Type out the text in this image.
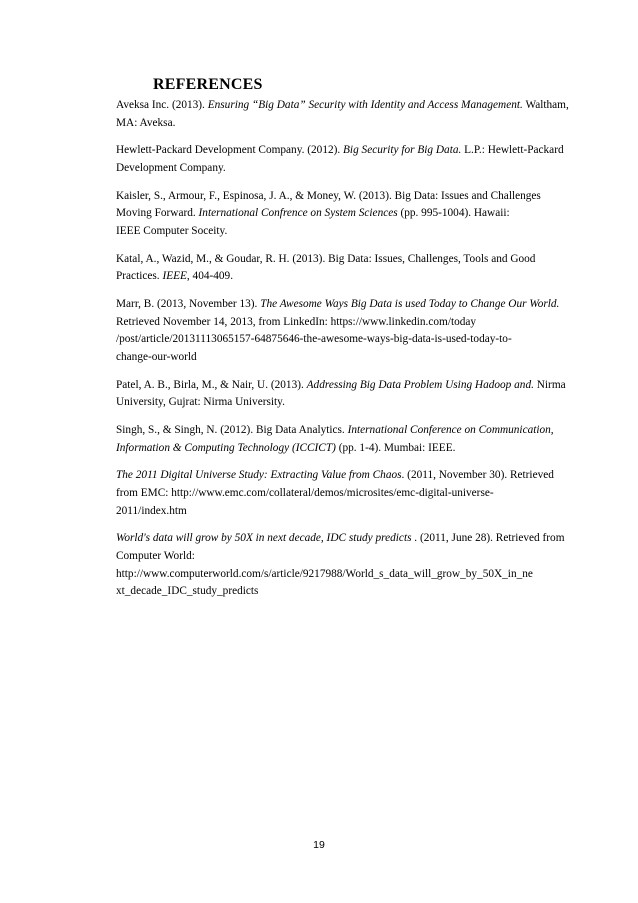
REFERENCES
Aveksa Inc. (2013). Ensuring “Big Data” Security with Identity and Access Management. Waltham,
MA: Aveksa.
Hewlett-Packard Development Company. (2012). Big Security for Big Data. L.P.: Hewlett-Packard
Development Company.
Kaisler, S., Armour, F., Espinosa, J. A., & Money, W. (2013). Big Data: Issues and Challenges
Moving Forward. International Confrence on System Sciences (pp. 995-1004). Hawaii:
IEEE Computer Soceity.
Katal, A., Wazid, M., & Goudar, R. H. (2013). Big Data: Issues, Challenges, Tools and Good
Practices. IEEE, 404-409.
Marr, B. (2013, November 13). The Awesome Ways Big Data is used Today to Change Our World.
Retrieved November 14, 2013, from LinkedIn: https://www.linkedin.com/today
/post/article/20131113065157-64875646-the-awesome-ways-big-data-is-used-today-to-
change-our-world
Patel, A. B., Birla, M., & Nair, U. (2013). Addressing Big Data Problem Using Hadoop and. Nirma
University, Gujrat: Nirma University.
Singh, S., & Singh, N. (2012). Big Data Analytics. International Conference on Communication,
Information & Computing Technology (ICCICT) (pp. 1-4). Mumbai: IEEE.
The 2011 Digital Universe Study: Extracting Value from Chaos. (2011, November 30). Retrieved
from EMC: http://www.emc.com/collateral/demos/microsites/emc-digital-universe-
2011/index.htm
World's data will grow by 50X in next decade, IDC study predicts . (2011, June 28). Retrieved from
Computer World:
http://www.computerworld.com/s/article/9217988/World_s_data_will_grow_by_50X_in_ne
xt_decade_IDC_study_predicts
19
